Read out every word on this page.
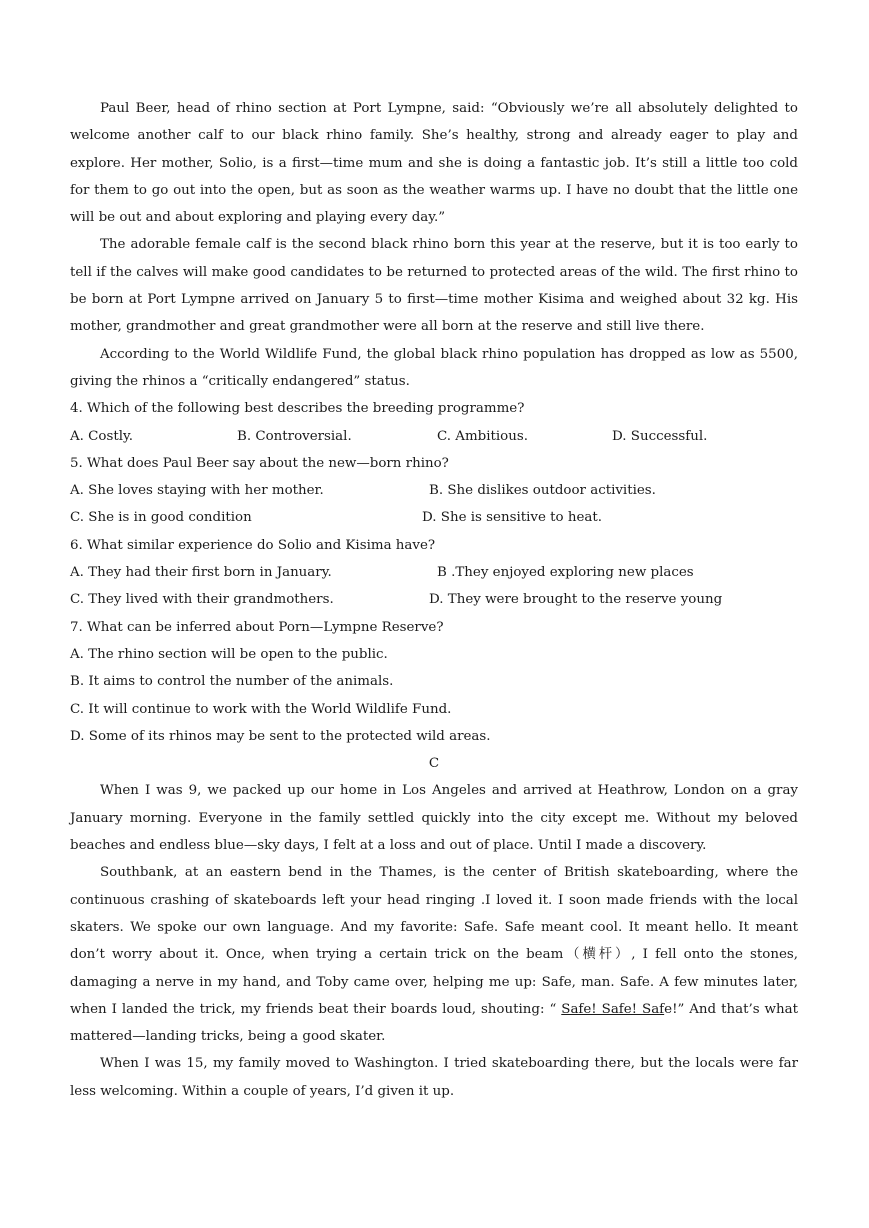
Paul Beer, head of rhino section at Port Lympne, said: “Obviously we’re all absolutely delighted to welcome another calf to our black rhino family. She’s healthy, strong and already eager to play and explore. Her mother, Solio, is a first—time mum and she is doing a fantastic job. It’s still a little too cold for them to go out into the open, but as soon as the weather warms up. I have no doubt that the little one will be out and about exploring and playing every day.”

The adorable female calf is the second black rhino born this year at the reserve, but it is too early to tell if the calves will make good candidates to be returned to protected areas of the wild. The first rhino to be born at Port Lympne arrived on January 5 to first—time mother Kisima and weighed about 32 kg. His mother, grandmother and great grandmother were all born at the reserve and still live there.

According to the World Wildlife Fund, the global black rhino population has dropped as low as 5500, giving the rhinos a “critically endangered” status.

4. Which of the following best describes the breeding programme?

A. Costly.	B. Controversial.	C. Ambitious.	D. Successful.

5. What does Paul Beer say about the new—born rhino?

A. She loves staying with her mother.	B. She dislikes outdoor activities.
C. She is in good condition	D. She is sensitive to heat.

6. What similar experience do Solio and Kisima have?

A. They had their first born in January.	B .They enjoyed exploring new places
C. They lived with their grandmothers.	D. They were brought to the reserve young

7. What can be inferred about Porn—Lympne Reserve?

A. The rhino section will be open to the public.

B. It aims to control the number of the animals.

C. It will continue to work with the World Wildlife Fund.

D. Some of its rhinos may be sent to the protected wild areas.

C

When I was 9, we packed up our home in Los Angeles and arrived at Heathrow, London on a gray January morning. Everyone in the family settled quickly into the city except me. Without my beloved beaches and endless blue—sky days, I felt at a loss and out of place. Until I made a discovery.

Southbank, at an eastern bend in the Thames, is the center of British skateboarding, where the continuous crashing of skateboards left your head ringing .I loved it. I soon made friends with the local skaters. We spoke our own language. And my favorite: Safe. Safe meant cool. It meant hello. It meant don’t worry about it. Once, when trying a certain trick on the beam（横杆）, I fell onto the stones, damaging a nerve in my hand, and Toby came over, helping me up: Safe, man. Safe. A few minutes later, when I landed the trick, my friends beat their boards loud, shouting: “ Safe! Safe! Safe!” And that’s what mattered—landing tricks, being a good skater.

When I was 15, my family moved to Washington. I tried skateboarding there, but the locals were far less welcoming. Within a couple of years, I’d given it up.
